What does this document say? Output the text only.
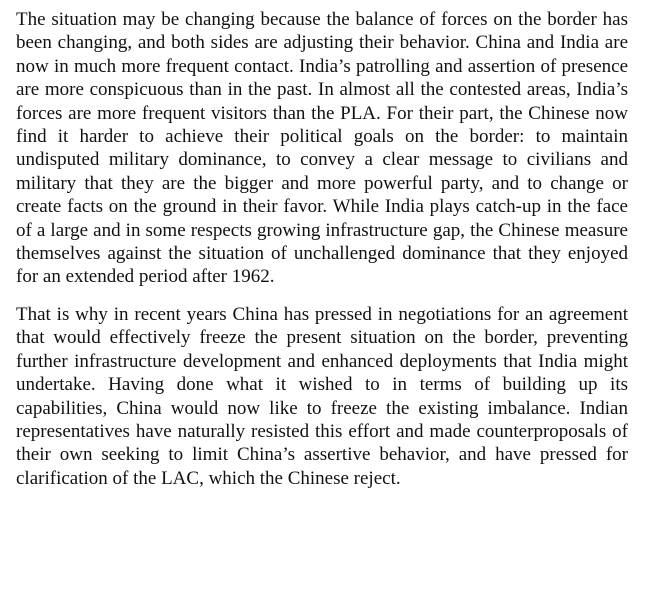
The situation may be changing because the balance of forces on the border has been changing, and both sides are adjusting their behavior. China and India are now in much more frequent contact. India’s patrolling and assertion of presence are more conspicuous than in the past. In almost all the contested areas, India’s forces are more frequent visitors than the PLA. For their part, the Chinese now find it harder to achieve their political goals on the border: to maintain undisputed military dominance, to convey a clear message to civilians and military that they are the bigger and more powerful party, and to change or create facts on the ground in their favor. While India plays catch-up in the face of a large and in some respects growing infrastructure gap, the Chinese measure themselves against the situation of unchallenged dominance that they enjoyed for an extended period after 1962.

That is why in recent years China has pressed in negotiations for an agreement that would effectively freeze the present situation on the border, preventing further infrastructure development and enhanced deployments that India might undertake. Having done what it wished to in terms of building up its capabilities, China would now like to freeze the existing imbalance. Indian representatives have naturally resisted this effort and made counterproposals of their own seeking to limit China’s assertive behavior, and have pressed for clarification of the LAC, which the Chinese reject.
